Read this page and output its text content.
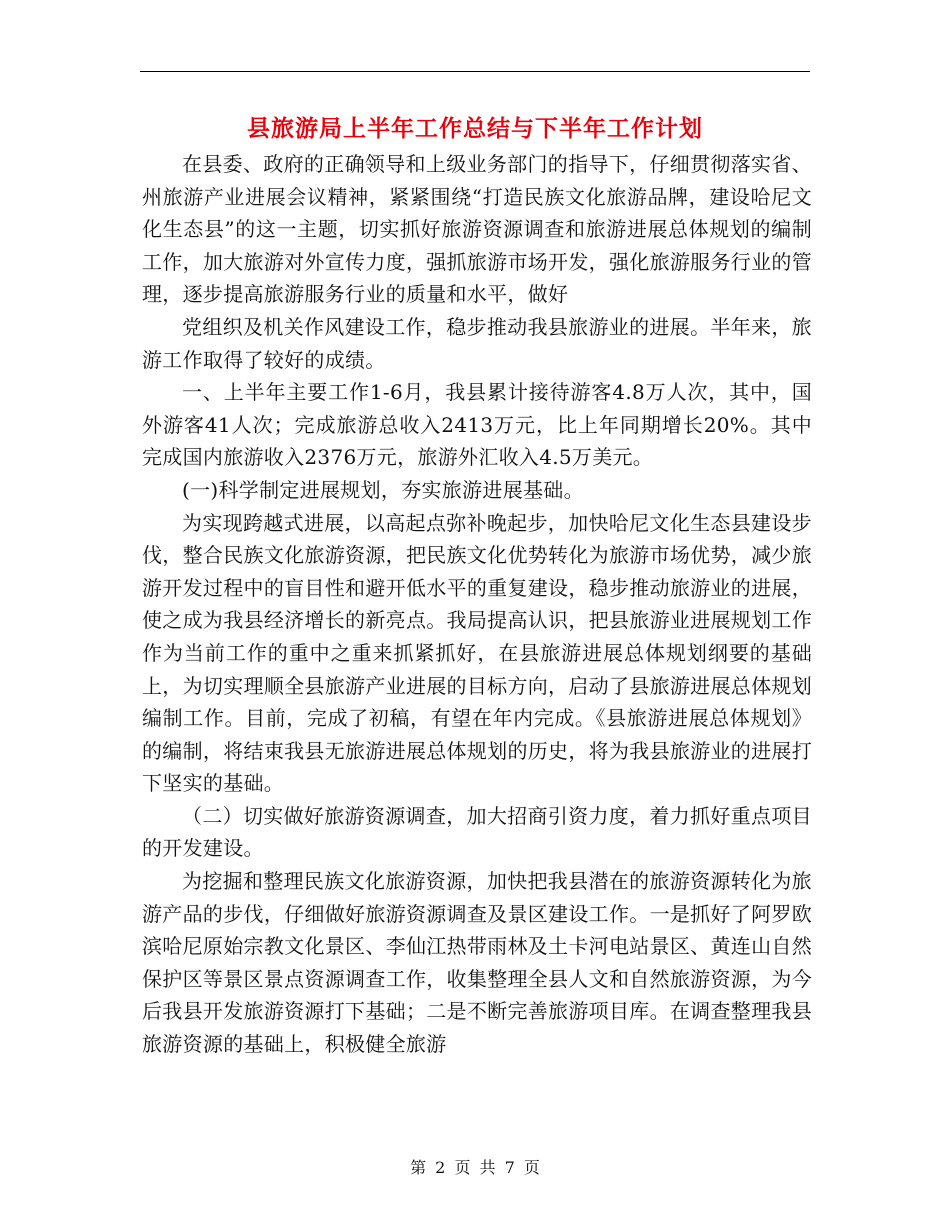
县旅游局上半年工作总结与下半年工作计划

在县委、政府的正确领导和上级业务部门的指导下，仔细贯彻落实省、州旅游产业进展会议精神，紧紧围绕“打造民族文化旅游品牌，建设哈尼文化生态县”的这一主题，切实抓好旅游资源调查和旅游进展总体规划的编制工作，加大旅游对外宣传力度，强抓旅游市场开发，强化旅游服务行业的管理，逐步提高旅游服务行业的质量和水平，做好

党组织及机关作风建设工作，稳步推动我县旅游业的进展。半年来，旅游工作取得了较好的成绩。

一、上半年主要工作1-6月，我县累计接待游客4.8万人次，其中，国外游客41人次；完成旅游总收入2413万元，比上年同期增长20%。其中完成国内旅游收入2376万元，旅游外汇收入4.5万美元。

(一)科学制定进展规划，夯实旅游进展基础。

为实现跨越式进展，以高起点弥补晚起步，加快哈尼文化生态县建设步伐，整合民族文化旅游资源，把民族文化优势转化为旅游市场优势，减少旅游开发过程中的盲目性和避开低水平的重复建设，稳步推动旅游业的进展，使之成为我县经济增长的新亮点。我局提高认识，把县旅游业进展规划工作作为当前工作的重中之重来抓紧抓好，在县旅游进展总体规划纲要的基础上，为切实理顺全县旅游产业进展的目标方向，启动了县旅游进展总体规划编制工作。目前，完成了初稿，有望在年内完成。《县旅游进展总体规划》的编制，将结束我县无旅游进展总体规划的历史，将为我县旅游业的进展打下坚实的基础。

（二）切实做好旅游资源调查，加大招商引资力度，着力抓好重点项目的开发建设。

为挖掘和整理民族文化旅游资源，加快把我县潜在的旅游资源转化为旅游产品的步伐，仔细做好旅游资源调查及景区建设工作。一是抓好了阿罗欧滨哈尼原始宗教文化景区、李仙江热带雨林及土卡河电站景区、黄连山自然保护区等景区景点资源调查工作，收集整理全县人文和自然旅游资源，为今后我县开发旅游资源打下基础；二是不断完善旅游项目库。在调查整理我县旅游资源的基础上，积极健全旅游

第 2 页 共 7 页
